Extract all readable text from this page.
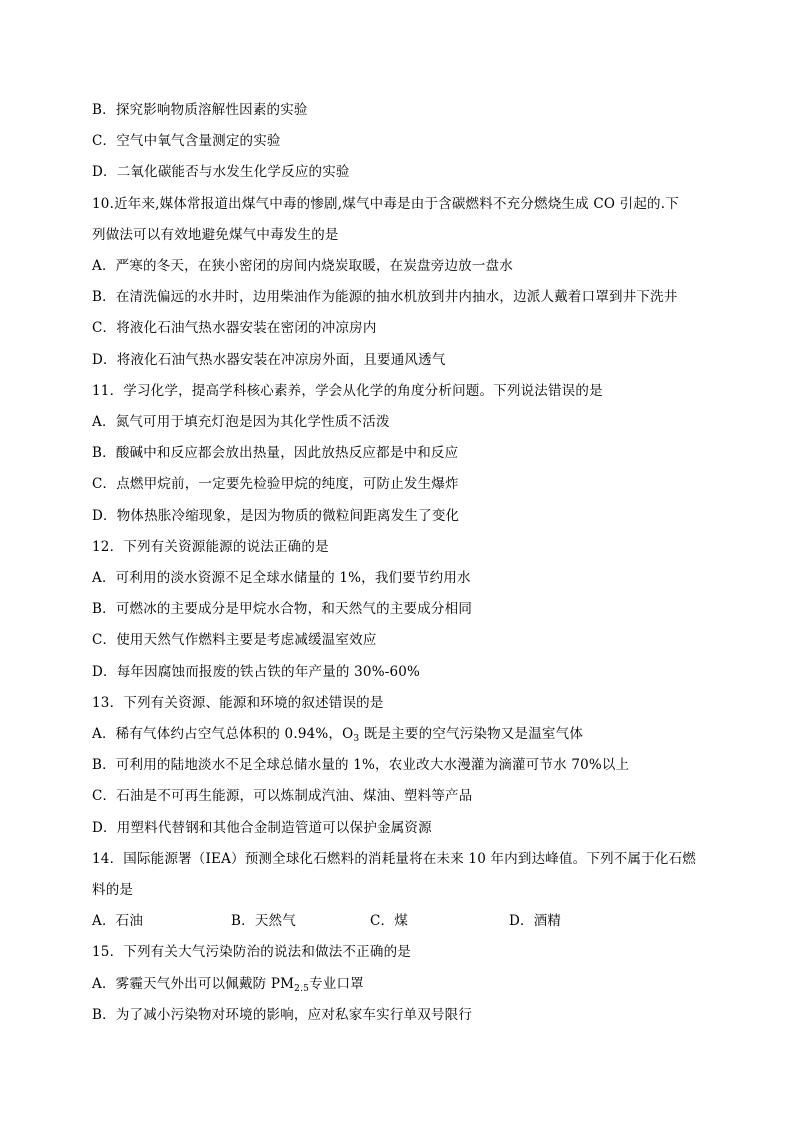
B．探究影响物质溶解性因素的实验
C．空气中氧气含量测定的实验
D．二氧化碳能否与水发生化学反应的实验
10.近年来,媒体常报道出煤气中毒的惨剧,煤气中毒是由于含碳燃料不充分燃烧生成 CO 引起的.下
列做法可以有效地避免煤气中毒发生的是
A．严寒的冬天，在狭小密闭的房间内烧炭取暖，在炭盘旁边放一盘水
B．在清洗偏远的水井时，边用柴油作为能源的抽水机放到井内抽水，边派人戴着口罩到井下洗井
C．将液化石油气热水器安装在密闭的冲凉房内
D．将液化石油气热水器安装在冲凉房外面，且要通风透气
11．学习化学，提高学科核心素养，学会从化学的角度分析问题。下列说法错误的是
A．氮气可用于填充灯泡是因为其化学性质不活泼
B．酸碱中和反应都会放出热量，因此放热反应都是中和反应
C．点燃甲烷前，一定要先检验甲烷的纯度，可防止发生爆炸
D．物体热胀冷缩现象，是因为物质的微粒间距离发生了变化
12．下列有关资源能源的说法正确的是
A．可利用的淡水资源不足全球水储量的 1%，我们要节约用水
B．可燃冰的主要成分是甲烷水合物，和天然气的主要成分相同
C．使用天然气作燃料主要是考虑减缓温室效应
D．每年因腐蚀而报废的铁占铁的年产量的 30%-60%
13．下列有关资源、能源和环境的叙述错误的是
A．稀有气体约占空气总体积的 0.94%，$O_3$ 既是主要的空气污染物又是温室气体
B．可利用的陆地淡水不足全球总储水量的 1%，农业改大水漫灌为滴灌可节水 70%以上
C．石油是不可再生能源，可以炼制成汽油、煤油、塑料等产品
D．用塑料代替钢和其他合金制造管道可以保护金属资源
14．国际能源署（IEA）预测全球化石燃料的消耗量将在未来 10 年内到达峰值。下列不属于化石燃
料的是
A．石油	B．天然气	C．煤	D．酒精
15．下列有关大气污染防治的说法和做法不正确的是
A．雾霾天气外出可以佩戴防 $PM_{2.5}$专业口罩
B．为了减小污染物对环境的影响，应对私家车实行单双号限行
